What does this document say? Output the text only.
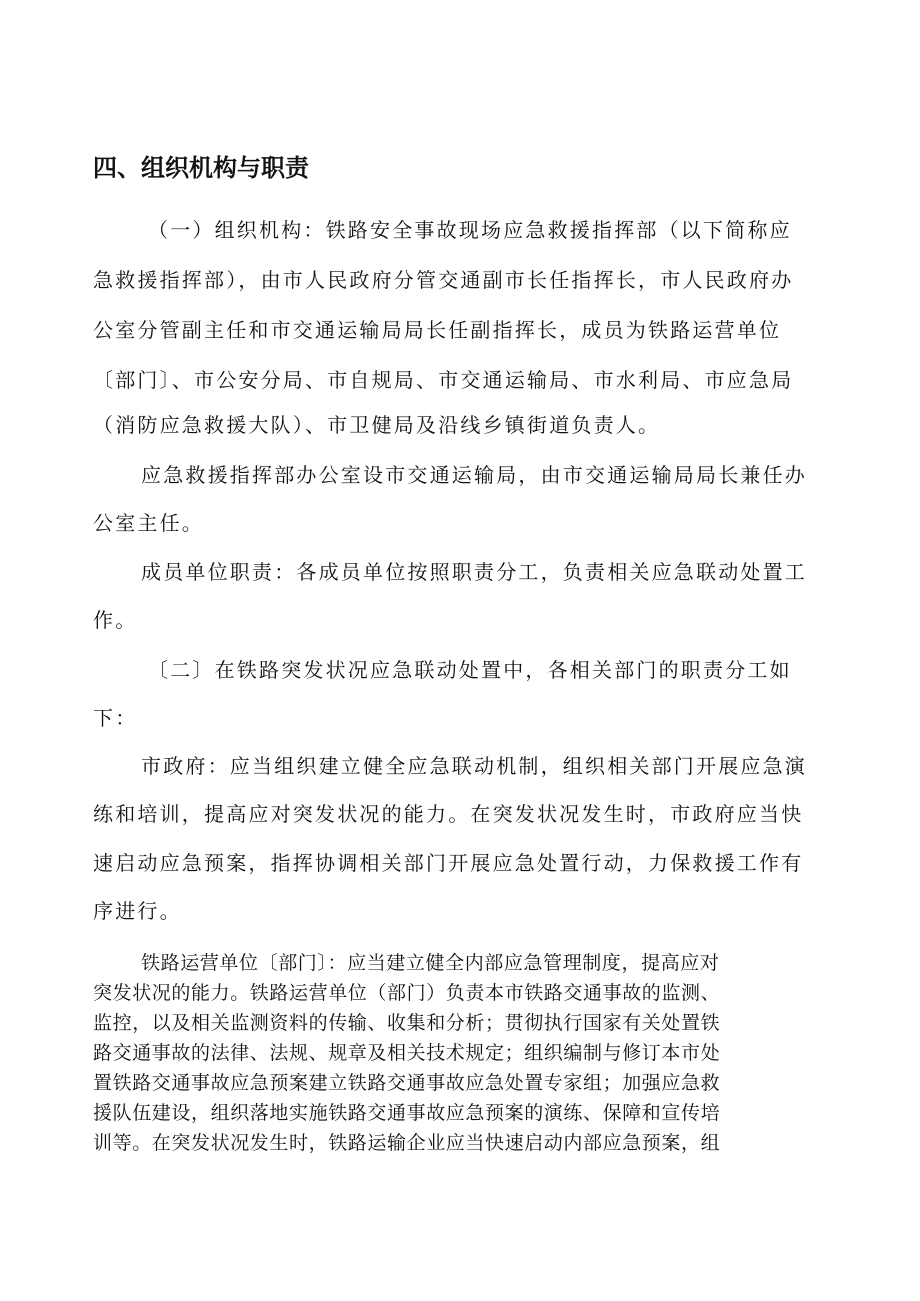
四、组织机构与职责
（一）组织机构：铁路安全事故现场应急救援指挥部（以下简称应
急救援指挥部），由市人民政府分管交通副市长任指挥长，市人民政府办
公室分管副主任和市交通运输局局长任副指挥长，成员为铁路运营单位
〔部门〕、市公安分局、市自规局、市交通运输局、市水利局、市应急局
（消防应急救援大队）、市卫健局及沿线乡镇街道负责人。
应急救援指挥部办公室设市交通运输局，由市交通运输局局长兼任办
公室主任。
成员单位职责：各成员单位按照职责分工，负责相关应急联动处置工
作。
〔二〕在铁路突发状况应急联动处置中，各相关部门的职责分工如
下：
市政府：应当组织建立健全应急联动机制，组织相关部门开展应急演
练和培训，提高应对突发状况的能力。在突发状况发生时，市政府应当快
速启动应急预案，指挥协调相关部门开展应急处置行动，力保救援工作有
序进行。
铁路运营单位〔部门〕：应当建立健全内部应急管理制度，提高应对
突发状况的能力。铁路运营单位（部门）负责本市铁路交通事故的监测、
监控，以及相关监测资料的传输、收集和分析；贯彻执行国家有关处置铁
路交通事故的法律、法规、规章及相关技术规定；组织编制与修订本市处
置铁路交通事故应急预案建立铁路交通事故应急处置专家组；加强应急救
援队伍建设，组织落地实施铁路交通事故应急预案的演练、保障和宣传培
训等。在突发状况发生时，铁路运输企业应当快速启动内部应急预案，组
